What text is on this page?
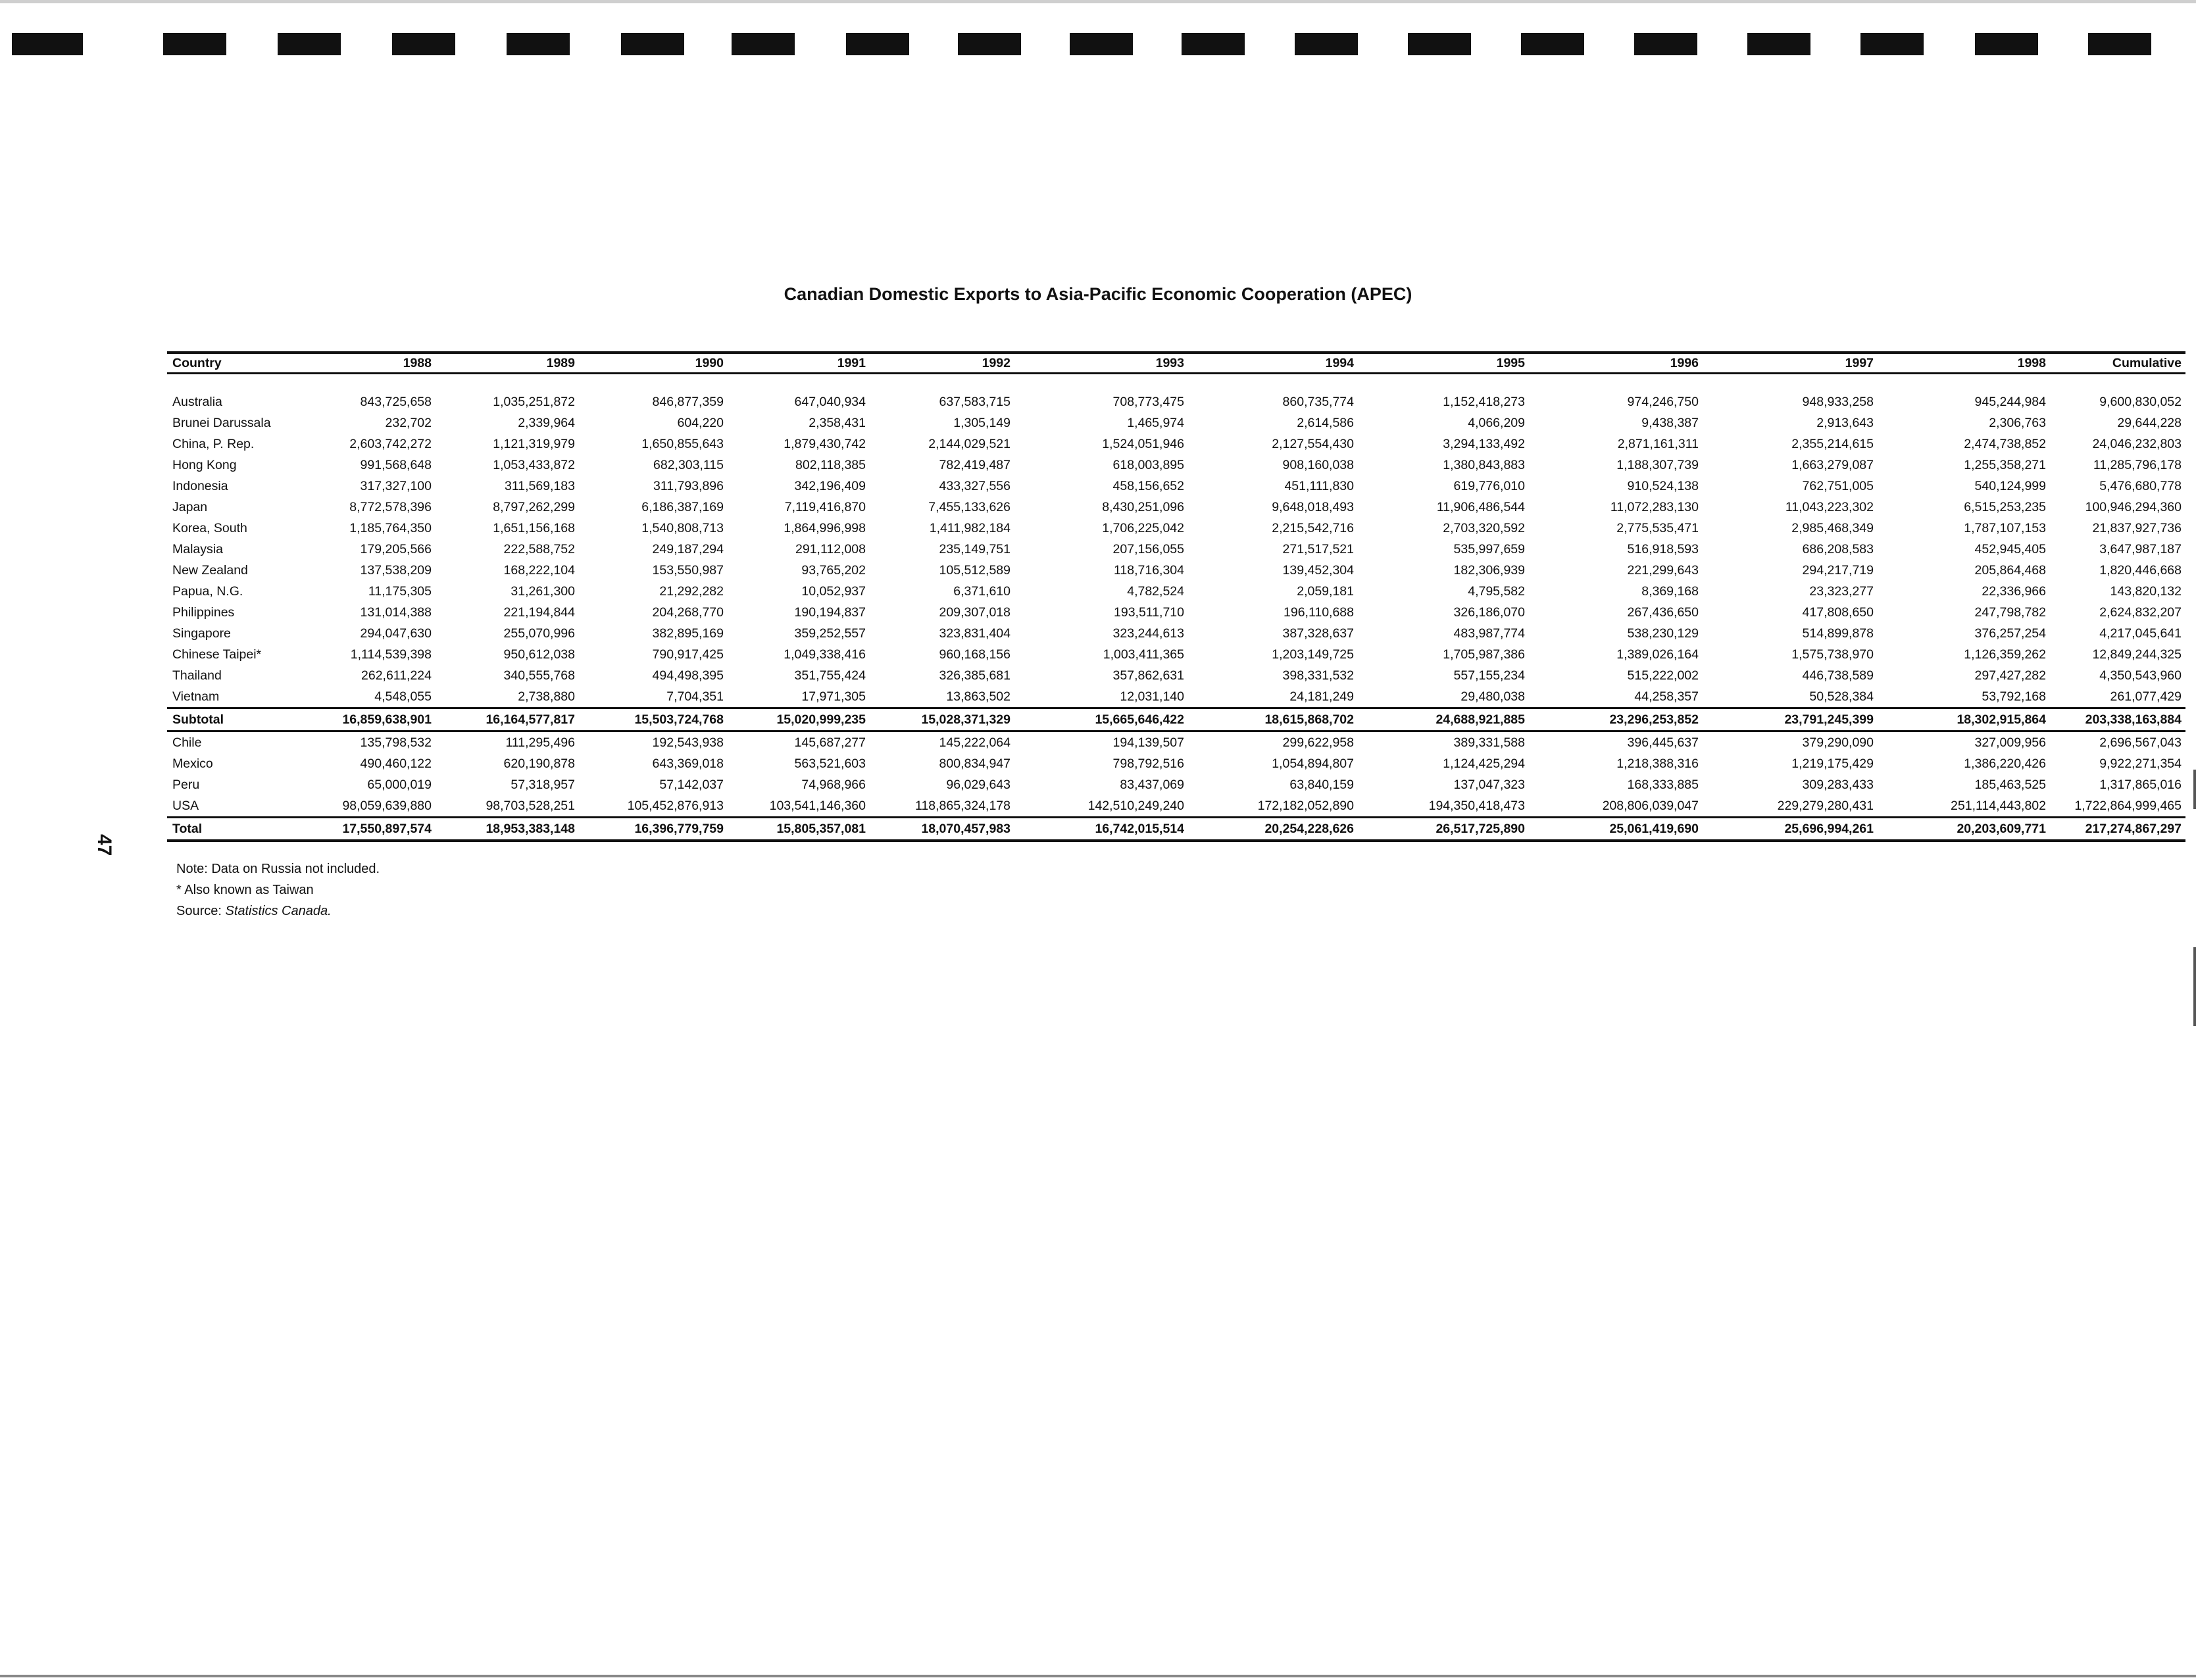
47
Canadian Domestic Exports to Asia-Pacific Economic Cooperation (APEC)
Country	1988	1989	1990	1991	1992	1993	1994	1995	1996	1997	1998	Cumulative

Australia	843,725,658	1,035,251,872	846,877,359	647,040,934	637,583,715	708,773,475	860,735,774	1,152,418,273	974,246,750	948,933,258	945,244,984	9,600,830,052
Brunei Darussala	232,702	2,339,964	604,220	2,358,431	1,305,149	1,465,974	2,614,586	4,066,209	9,438,387	2,913,643	2,306,763	29,644,228
China, P. Rep.	2,603,742,272	1,121,319,979	1,650,855,643	1,879,430,742	2,144,029,521	1,524,051,946	2,127,554,430	3,294,133,492	2,871,161,311	2,355,214,615	2,474,738,852	24,046,232,803
Hong Kong	991,568,648	1,053,433,872	682,303,115	802,118,385	782,419,487	618,003,895	908,160,038	1,380,843,883	1,188,307,739	1,663,279,087	1,255,358,271	11,285,796,178
Indonesia	317,327,100	311,569,183	311,793,896	342,196,409	433,327,556	458,156,652	451,111,830	619,776,010	910,524,138	762,751,005	540,124,999	5,476,680,778
Japan	8,772,578,396	8,797,262,299	6,186,387,169	7,119,416,870	7,455,133,626	8,430,251,096	9,648,018,493	11,906,486,544	11,072,283,130	11,043,223,302	6,515,253,235	100,946,294,360
Korea, South	1,185,764,350	1,651,156,168	1,540,808,713	1,864,996,998	1,411,982,184	1,706,225,042	2,215,542,716	2,703,320,592	2,775,535,471	2,985,468,349	1,787,107,153	21,837,927,736
Malaysia	179,205,566	222,588,752	249,187,294	291,112,008	235,149,751	207,156,055	271,517,521	535,997,659	516,918,593	686,208,583	452,945,405	3,647,987,187
New Zealand	137,538,209	168,222,104	153,550,987	93,765,202	105,512,589	118,716,304	139,452,304	182,306,939	221,299,643	294,217,719	205,864,468	1,820,446,668
Papua, N.G.	11,175,305	31,261,300	21,292,282	10,052,937	6,371,610	4,782,524	2,059,181	4,795,582	8,369,168	23,323,277	22,336,966	143,820,132
Philippines	131,014,388	221,194,844	204,268,770	190,194,837	209,307,018	193,511,710	196,110,688	326,186,070	267,436,650	417,808,650	247,798,782	2,624,832,207
Singapore	294,047,630	255,070,996	382,895,169	359,252,557	323,831,404	323,244,613	387,328,637	483,987,774	538,230,129	514,899,878	376,257,254	4,217,045,641
Chinese Taipei*	1,114,539,398	950,612,038	790,917,425	1,049,338,416	960,168,156	1,003,411,365	1,203,149,725	1,705,987,386	1,389,026,164	1,575,738,970	1,126,359,262	12,849,244,325
Thailand	262,611,224	340,555,768	494,498,395	351,755,424	326,385,681	357,862,631	398,331,532	557,155,234	515,222,002	446,738,589	297,427,282	4,350,543,960
Vietnam	4,548,055	2,738,880	7,704,351	17,971,305	13,863,502	12,031,140	24,181,249	29,480,038	44,258,357	50,528,384	53,792,168	261,077,429
Subtotal	16,859,638,901	16,164,577,817	15,503,724,768	15,020,999,235	15,028,371,329	15,665,646,422	18,615,868,702	24,688,921,885	23,296,253,852	23,791,245,399	18,302,915,864	203,338,163,884
Chile	135,798,532	111,295,496	192,543,938	145,687,277	145,222,064	194,139,507	299,622,958	389,331,588	396,445,637	379,290,090	327,009,956	2,696,567,043
Mexico	490,460,122	620,190,878	643,369,018	563,521,603	800,834,947	798,792,516	1,054,894,807	1,124,425,294	1,218,388,316	1,219,175,429	1,386,220,426	9,922,271,354
Peru	65,000,019	57,318,957	57,142,037	74,968,966	96,029,643	83,437,069	63,840,159	137,047,323	168,333,885	309,283,433	185,463,525	1,317,865,016
USA	98,059,639,880	98,703,528,251	105,452,876,913	103,541,146,360	118,865,324,178	142,510,249,240	172,182,052,890	194,350,418,473	208,806,039,047	229,279,280,431	251,114,443,802	1,722,864,999,465
Total	17,550,897,574	18,953,383,148	16,396,779,759	15,805,357,081	18,070,457,983	16,742,015,514	20,254,228,626	26,517,725,890	25,061,419,690	25,696,994,261	20,203,609,771	217,274,867,297
Note: Data on Russia not included.
* Also known as Taiwan
Source: Statistics Canada.
